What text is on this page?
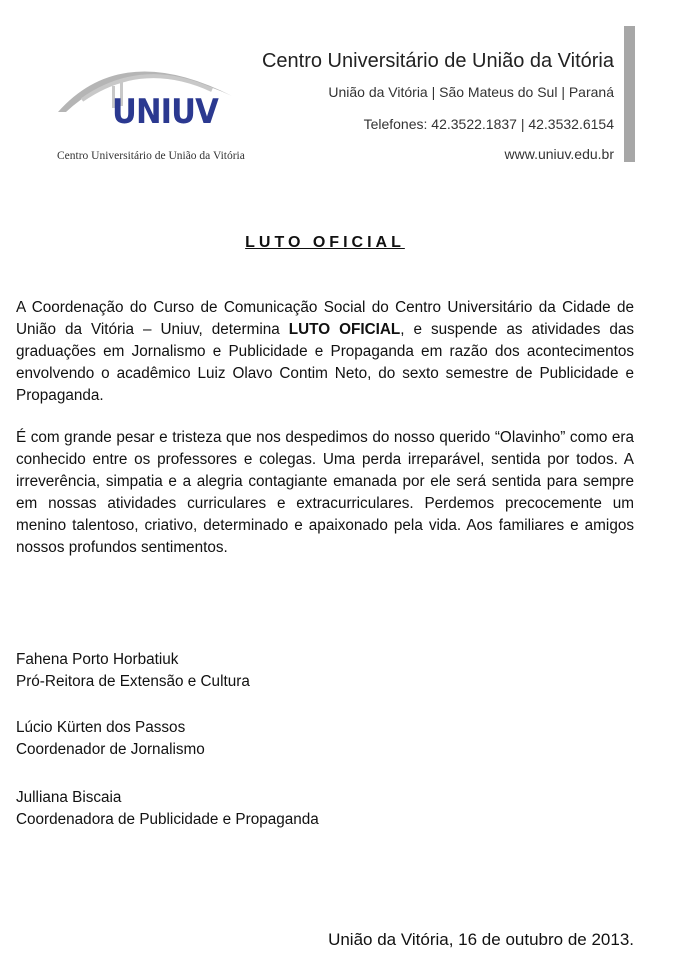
UNIUV
Centro Universitário de União da Vitória
Centro Universitário de União da Vitória
União da Vitória | São Mateus do Sul | Paraná
Telefones: 42.3522.1837 | 42.3532.6154
www.uniuv.edu.br
LUTO OFICIAL
A Coordenação do Curso de Comunicação Social do Centro Universitário da Cidade de União da Vitória – Uniuv, determina LUTO OFICIAL, e suspende as atividades das graduações em Jornalismo e Publicidade e Propaganda em razão dos acontecimentos envolvendo o acadêmico Luiz Olavo Contim Neto, do sexto semestre de Publicidade e Propaganda.
É com grande pesar e tristeza que nos despedimos do nosso querido “Olavinho” como era conhecido entre os professores e colegas. Uma perda irreparável, sentida por todos. A irreverência, simpatia e a alegria contagiante emanada por ele será sentida para sempre em nossas atividades curriculares e extracurriculares. Perdemos precocemente um menino talentoso, criativo, determinado e apaixonado pela vida. Aos familiares e amigos nossos profundos sentimentos.
Fahena Porto Horbatiuk
Pró-Reitora de Extensão e Cultura
Lúcio Kürten dos Passos
Coordenador de Jornalismo
Julliana Biscaia
Coordenadora de Publicidade e Propaganda
União da Vitória, 16 de outubro de 2013.
